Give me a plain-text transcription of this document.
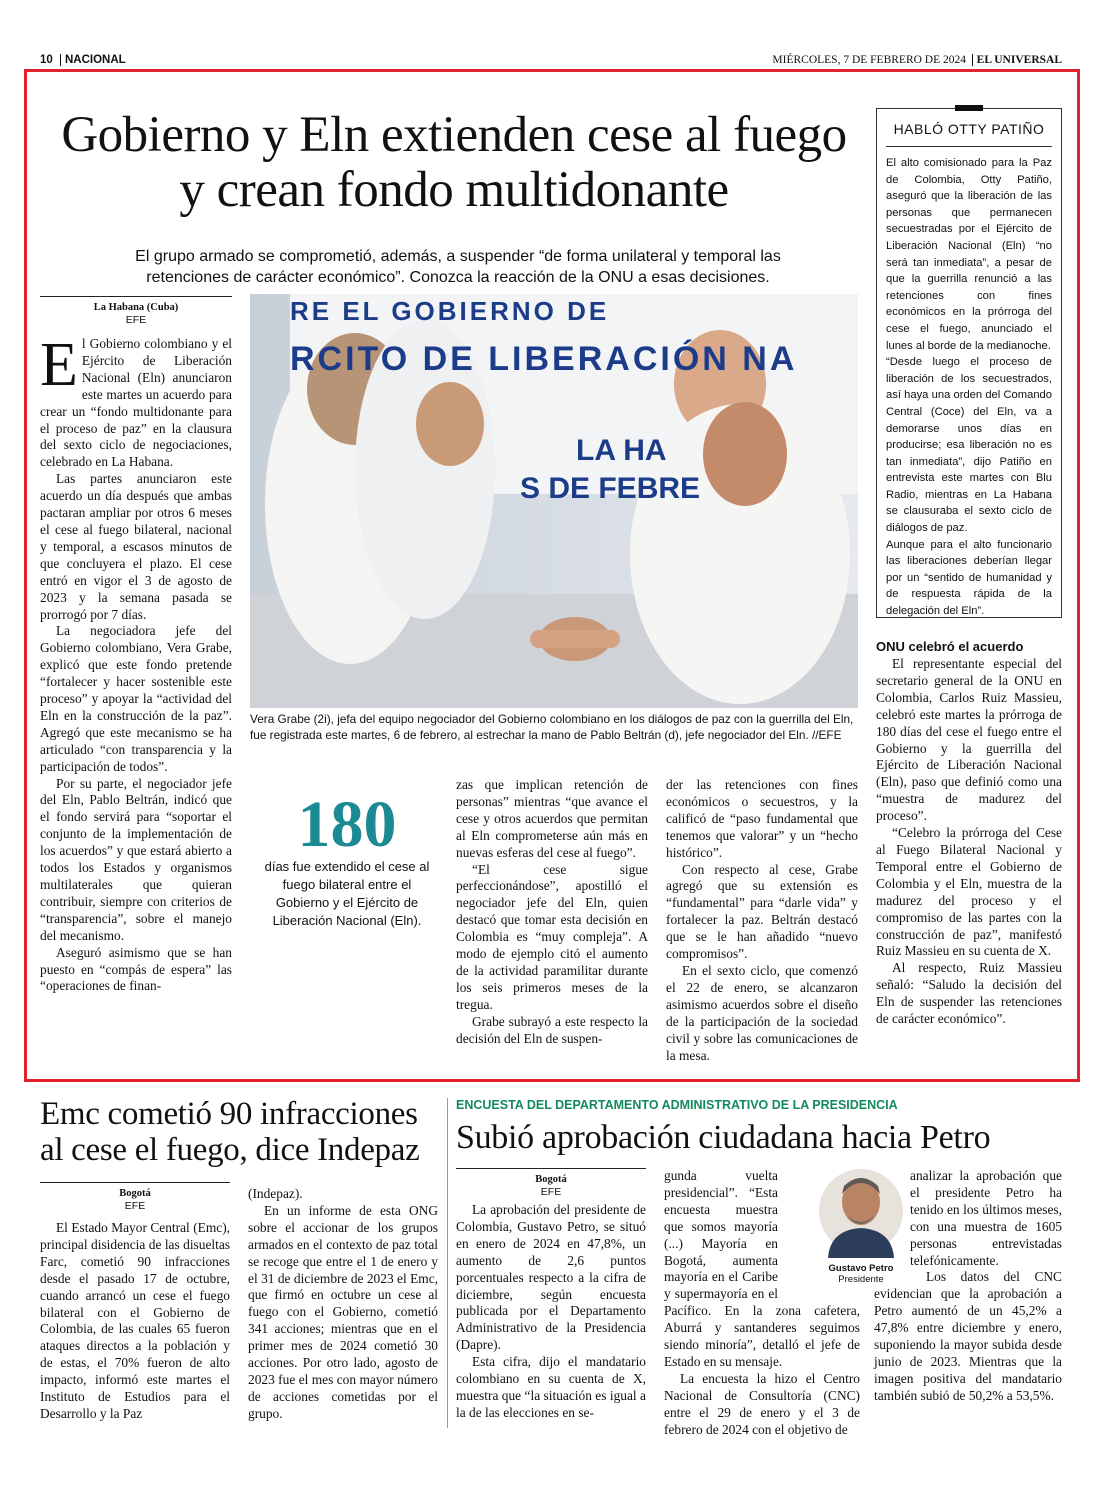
10	NACIONAL	MIÉRCOLES, 7 DE FEBRERO DE 2024 EL UNIVERSAL
Gobierno y Eln extienden cese al fuego y crean fondo multidonante
El grupo armado se comprometió, además, a suspender “de forma unilateral y temporal las retenciones de carácter económico”. Conozca la reacción de la ONU a esas decisiones.
La Habana (Cuba)
EFE

El Gobierno colombiano y el Ejército de Liberación Nacional (Eln) anunciaron este martes un acuerdo para crear un “fondo multidonante para el proceso de paz” en la clausura del sexto ciclo de negociaciones, celebrado en La Habana.

Las partes anunciaron este acuerdo un día después que ambas pactaran ampliar por otros 6 meses el cese al fuego bilateral, nacional y temporal, a escasos minutos de que concluyera el plazo. El cese entró en vigor el 3 de agosto de 2023 y la semana pasada se prorrogó por 7 días.

La negociadora jefe del Gobierno colombiano, Vera Grabe, explicó que este fondo pretende “fortalecer y hacer sostenible este proceso” y apoyar la “actividad del Eln en la construcción de la paz”. Agregó que este mecanismo se ha articulado “con transparencia y la participación de todos”.

Por su parte, el negociador jefe del Eln, Pablo Beltrán, indicó que el fondo servirá para “soportar el conjunto de la implementación de los acuerdos” y que estará abierto a todos los Estados y organismos multilaterales que quieran contribuir, siempre con criterios de “transparencia”, sobre el manejo del mecanismo.

Aseguró asimismo que se han puesto en “compás de espera” las “operaciones de finan-

RE EL GOBIERNO DE
RCITO DE LIBERACIÓN NA
LA HA
S DE FEBRE
Vera Grabe (2i), jefa del equipo negociador del Gobierno colombiano en los diálogos de paz con la guerrilla del Eln, fue registrada este martes, 6 de febrero, al estrechar la mano de Pablo Beltrán (d), jefe negociador del Eln. //EFE
180
días fue extendido el cese al fuego bilateral entre el Gobierno y el Ejército de Liberación Nacional (Eln).

zas que implican retención de personas” mientras “que avance el cese y otros acuerdos que permitan al Eln comprometerse aún más en nuevas esferas del cese al fuego”.

“El cese sigue perfeccionándose”, apostilló el negociador jefe del Eln, quien destacó que tomar esta decisión en Colombia es “muy compleja”. A modo de ejemplo citó el aumento de la actividad paramilitar durante los seis primeros meses de la tregua.

Grabe subrayó a este respecto la decisión del Eln de suspen-

der las retenciones con fines económicos o secuestros, y la calificó de “paso fundamental que tenemos que valorar” y un “hecho histórico”.

Con respecto al cese, Grabe agregó que su extensión es “fundamental” para “darle vida” y fortalecer la paz. Beltrán destacó que se le han añadido “nuevo compromisos”.

En el sexto ciclo, que comenzó el 22 de enero, se alcanzaron asimismo acuerdos sobre el diseño de la participación de la sociedad civil y sobre las comunicaciones de la mesa.

HABLÓ OTTY PATIÑO

El alto comisionado para la Paz de Colombia, Otty Patiño, aseguró que la liberación de las personas que permanecen secuestradas por el Ejército de Liberación Nacional (Eln) “no será tan inmediata”, a pesar de que la guerrilla renunció a las retenciones con fines económicos en la prórroga del cese el fuego, anunciado el lunes al borde de la medianoche.

“Desde luego el proceso de liberación de los secuestrados, así haya una orden del Comando Central (Coce) del Eln, va a demorarse unos días en producirse; esa liberación no es tan inmediata”, dijo Patiño en entrevista este martes con Blu Radio, mientras en La Habana se clausuraba el sexto ciclo de diálogos de paz.

Aunque para el alto funcionario las liberaciones deberían llegar por un “sentido de humanidad y de respuesta rápida de la delegación del Eln”.

ONU celebró el acuerdo

El representante especial del secretario general de la ONU en Colombia, Carlos Ruiz Massieu, celebró este martes la prórroga de 180 días del cese el fuego entre el Gobierno y la guerrilla del Ejército de Liberación Nacional (Eln), paso que definió como una “muestra de madurez del proceso”.

“Celebro la prórroga del Cese al Fuego Bilateral Nacional y Temporal entre el Gobierno de Colombia y el Eln, muestra de la madurez del proceso y el compromiso de las partes con la construcción de paz”, manifestó Ruiz Massieu en su cuenta de X.

Al respecto, Ruiz Massieu señaló: “Saludo la decisión del Eln de suspender las retenciones de carácter económico”.

Emc cometió 90 infracciones al cese el fuego, dice Indepaz
Bogotá
EFE

El Estado Mayor Central (Emc), principal disidencia de las disueltas Farc, cometió 90 infracciones desde el pasado 17 de octubre, cuando arrancó un cese el fuego bilateral con el Gobierno de Colombia, de las cuales 65 fueron ataques directos a la población y de estas, el 70% fueron de alto impacto, informó este martes el Instituto de Estudios para el Desarrollo y la Paz

(Indepaz).

En un informe de esta ONG sobre el accionar de los grupos armados en el contexto de paz total se recoge que entre el 1 de enero y el 31 de diciembre de 2023 el Emc, que firmó en octubre un cese al fuego con el Gobierno, cometió 341 acciones; mientras que en el primer mes de 2024 cometió 30 acciones. Por otro lado, agosto de 2023 fue el mes con mayor número de acciones cometidas por el grupo.

ENCUESTA DEL DEPARTAMENTO ADMINISTRATIVO DE LA PRESIDENCIA
Subió aprobación ciudadana hacia Petro
Bogotá
EFE

La aprobación del presidente de Colombia, Gustavo Petro, se situó en enero de 2024 en 47,8%, un aumento de 2,6 puntos porcentuales respecto a la cifra de diciembre, según encuesta publicada por el Departamento Administrativo de la Presidencia (Dapre).

Esta cifra, dijo el mandatario colombiano en su cuenta de X, muestra que “la situación es igual a la de las elecciones en se-

gunda vuelta presidencial”. “Esta encuesta muestra que somos mayoría (...) Mayoría en Bogotá, aumenta mayoría en el Caribe y supermayoría en el Pacífico. En la zona cafetera, Aburrá y santanderes seguimos siendo minoría”, detalló el jefe de Estado en su mensaje.

La encuesta la hizo el Centro Nacional de Consultoría (CNC) entre el 29 de enero y el 3 de febrero de 2024 con el objetivo de

analizar la aprobación que el presidente Petro ha tenido en los últimos meses, con una muestra de 1605 personas entrevistadas telefónicamente.

Los datos del CNC evidencian que la aprobación a Petro aumentó de un 45,2% a 47,8% entre diciembre y enero, suponiendo la mayor subida desde junio de 2023. Mientras que la imagen positiva del mandatario también subió de 50,2% a 53,5%.

Gustavo Petro
Presidente
